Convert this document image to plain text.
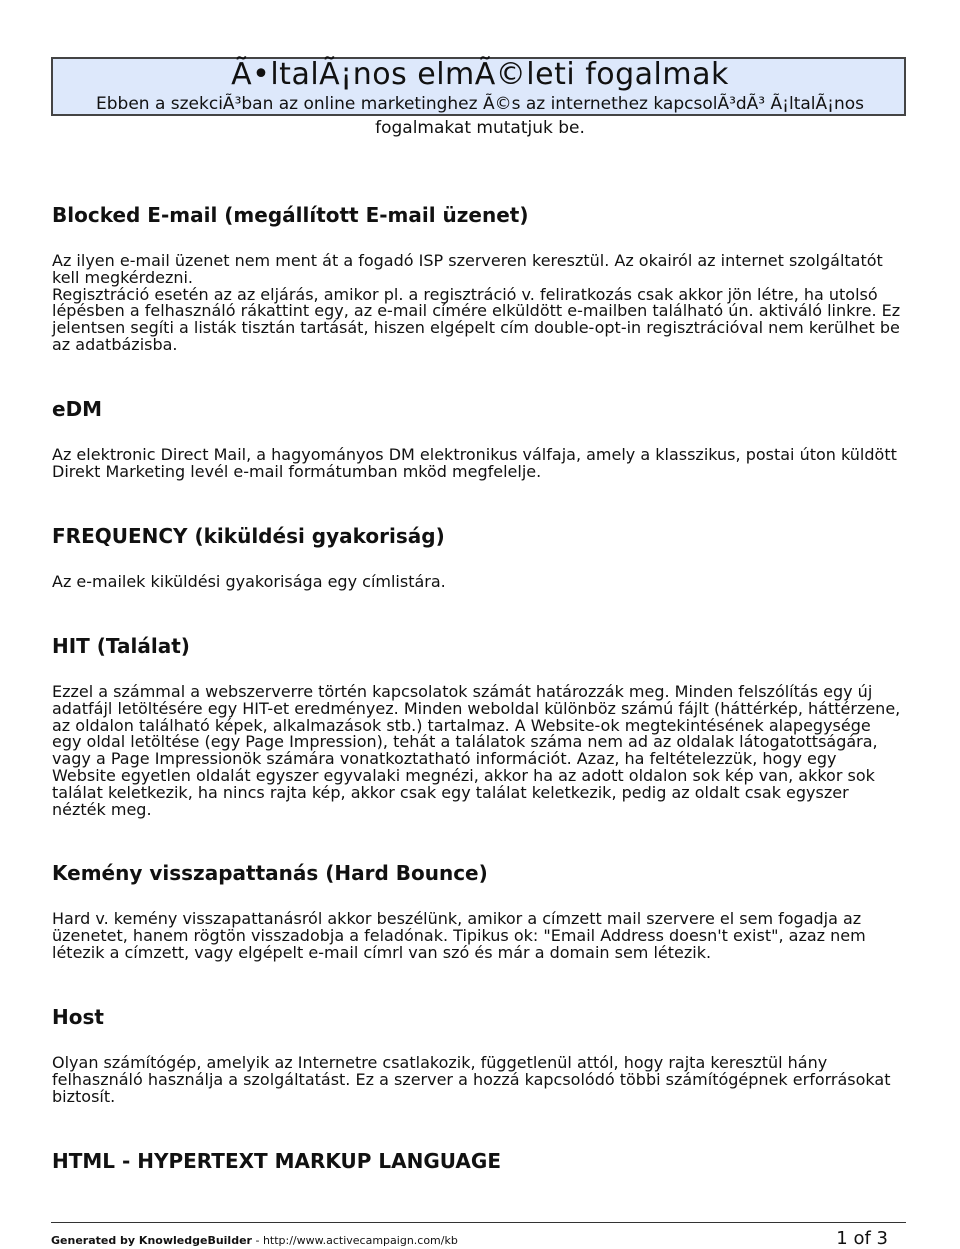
Ã•ltalÃ¡nos elmÃ©leti fogalmak
Ebben a szekciÃ³ban az online marketinghez Ã©s az internethez kapcsolÃ³dÃ³ Ã¡ltalÃ¡nos fogalmakat mutatjuk be.
Blocked E-mail (megállított E-mail üzenet)

Az ilyen e-mail üzenet nem ment át a fogadó ISP szerveren keresztül. Az okairól az internet szolgáltatót kell megkérdezni.

Regisztráció esetén az az eljárás, amikor pl. a regisztráció v. feliratkozás csak akkor jön létre, ha utolsó lépésben a felhasználó rákattint egy, az e-mail címére elküldött e-mailben található ún. aktiváló linkre. Ez jelentsen segíti a listák tisztán tartását, hiszen elgépelt cím double-opt-in regisztrációval nem kerülhet be az adatbázisba.

eDM

Az elektronic Direct Mail, a hagyományos DM elektronikus válfaja, amely a klasszikus, postai úton küldött Direkt Marketing levél e-mail formátumban mköd megfelelje.

FREQUENCY (kiküldési gyakoriság)

Az e-mailek kiküldési gyakorisága egy címlistára.

HIT (Találat)

Ezzel a számmal a webszerverre történ kapcsolatok számát határozzák meg. Minden felszólítás egy új adatfájl letöltésére egy HIT-et eredményez. Minden weboldal különböz számú fájlt (háttérkép, háttérzene, az oldalon található képek, alkalmazások stb.) tartalmaz. A Website-ok megtekintésének alapegysége egy oldal letöltése (egy Page Impression), tehát a találatok száma nem ad az oldalak látogatottságára, vagy a Page Impressionök számára vonatkoztatható információt. Azaz, ha feltételezzük, hogy egy Website egyetlen oldalát egyszer egyvalaki megnézi, akkor ha az adott oldalon sok kép van, akkor sok találat keletkezik, ha nincs rajta kép, akkor csak egy találat keletkezik, pedig az oldalt csak egyszer nézték meg.

Kemény visszapattanás (Hard Bounce)

Hard v. kemény visszapattanásról akkor beszélünk, amikor a címzett mail szervere el sem fogadja az üzenetet, hanem rögtön visszadobja a feladónak. Tipikus ok: "Email Address doesn't exist", azaz nem létezik a címzett, vagy elgépelt e-mail címrl van szó és már a domain sem létezik.

Host

Olyan számítógép, amelyik az Internetre csatlakozik, függetlenül attól, hogy rajta keresztül hány felhasználó használja a szolgáltatást. Ez a szerver a hozzá kapcsolódó többi számítógépnek erforrásokat biztosít.

HTML - HYPERTEXT MARKUP LANGUAGE
Generated by KnowledgeBuilder - http://www.activecampaign.com/kb	1 of 3
